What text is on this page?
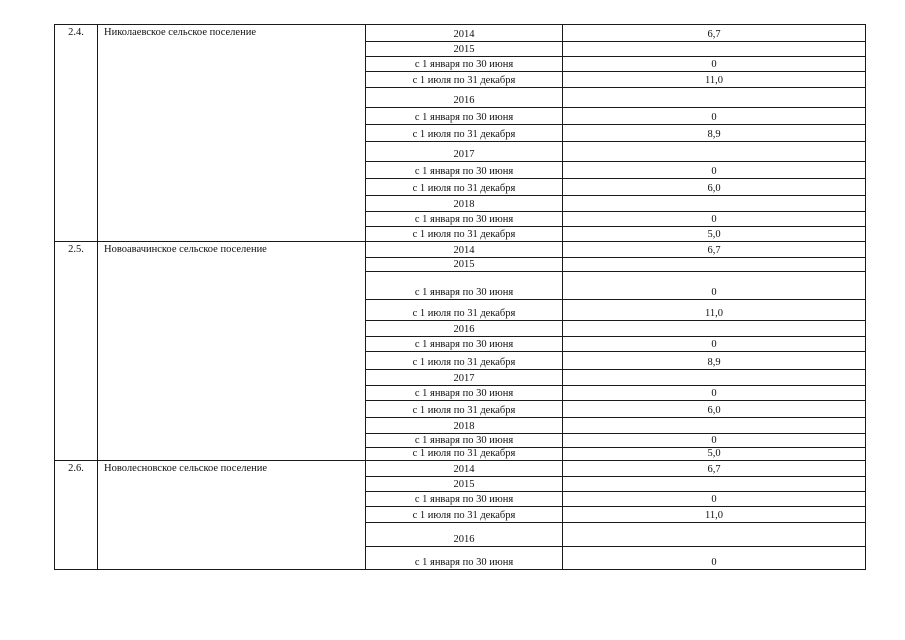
2.4.	Николаевское сельское поселение	2014	6,7
		2015	
		с 1 января по 30 июня	0
		с 1 июля по 31 декабря	11,0
		2016	
		с 1 января по 30 июня	0
		с 1 июля по 31 декабря	8,9
		2017	
		с 1 января по 30 июня	0
		с 1 июля по 31 декабря	6,0
		2018	
		с 1 января по 30 июня	0
		с 1 июля по 31 декабря	5,0
2.5.	Новоавачинское сельское поселение	2014	6,7
		2015	
		с 1 января по 30 июня	0
		с 1 июля по 31 декабря	11,0
		2016	
		с 1 января по 30 июня	0
		с 1 июля по 31 декабря	8,9
		2017	
		с 1 января по 30 июня	0
		с 1 июля по 31 декабря	6,0
		2018	
		с 1 января по 30 июня	0
		с 1 июля по 31 декабря	5,0
2.6.	Новолесновское сельское поселение	2014	6,7
		2015	
		с 1 января по 30 июня	0
		с 1 июля по 31 декабря	11,0
		2016	
		с 1 января по 30 июня	0
